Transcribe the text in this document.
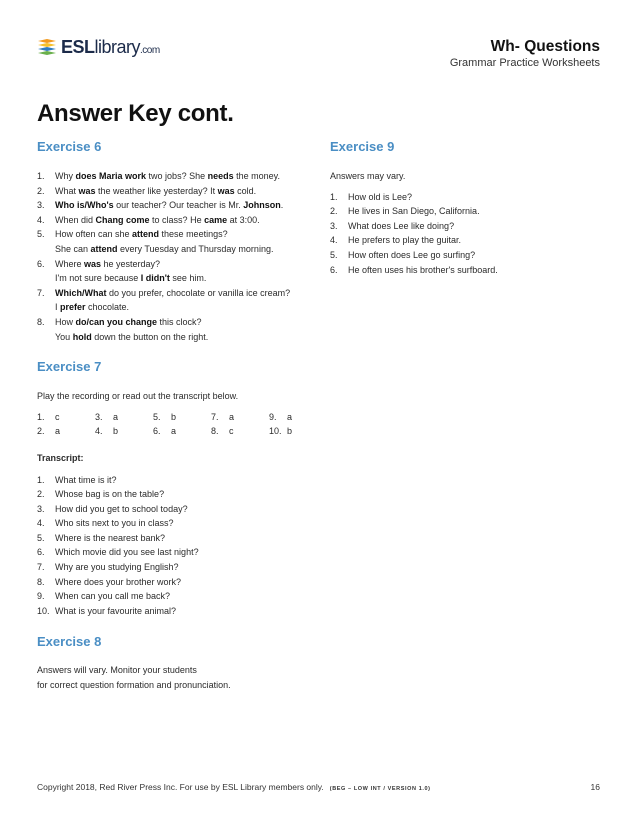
ESLlibrary.com	Wh- Questions
Grammar Practice Worksheets
Answer Key cont.
Exercise 6
1.	Why does Maria work two jobs? She needs the money.
2.	What was the weather like yesterday? It was cold.
3.	Who is/Who's our teacher? Our teacher is Mr. Johnson.
4.	When did Chang come to class? He came at 3:00.
5.	How often can she attend these meetings?
She can attend every Tuesday and Thursday morning.
6.	Where was he yesterday?
I'm not sure because I didn't see him.
7.	Which/What do you prefer, chocolate or vanilla ice cream?
I prefer chocolate.
8.	How do/can you change this clock?
You hold down the button on the right.
Exercise 7
Play the recording or read out the transcript below.
1.	c	3.	a	5.	b	7.	a	9.	a
2.	a	4.	b	6.	a	8.	c	10. b
Transcript:
1.	What time is it?
2.	Whose bag is on the table?
3.	How did you get to school today?
4.	Who sits next to you in class?
5.	Where is the nearest bank?
6.	Which movie did you see last night?
7.	Why are you studying English?
8.	Where does your brother work?
9.	When can you call me back?
10. What is your favourite animal?
Exercise 8
Answers will vary. Monitor your students
for correct question formation and pronunciation.
Exercise 9
Answers may vary.
1.	How old is Lee?
2.	He lives in San Diego, California.
3.	What does Lee like doing?
4.	He prefers to play the guitar.
5.	How often does Lee go surfing?
6.	He often uses his brother's surfboard.
Copyright 2018, Red River Press Inc. For use by ESL Library members only. (BEG – LOW INT / VERSION 1.0)	16
